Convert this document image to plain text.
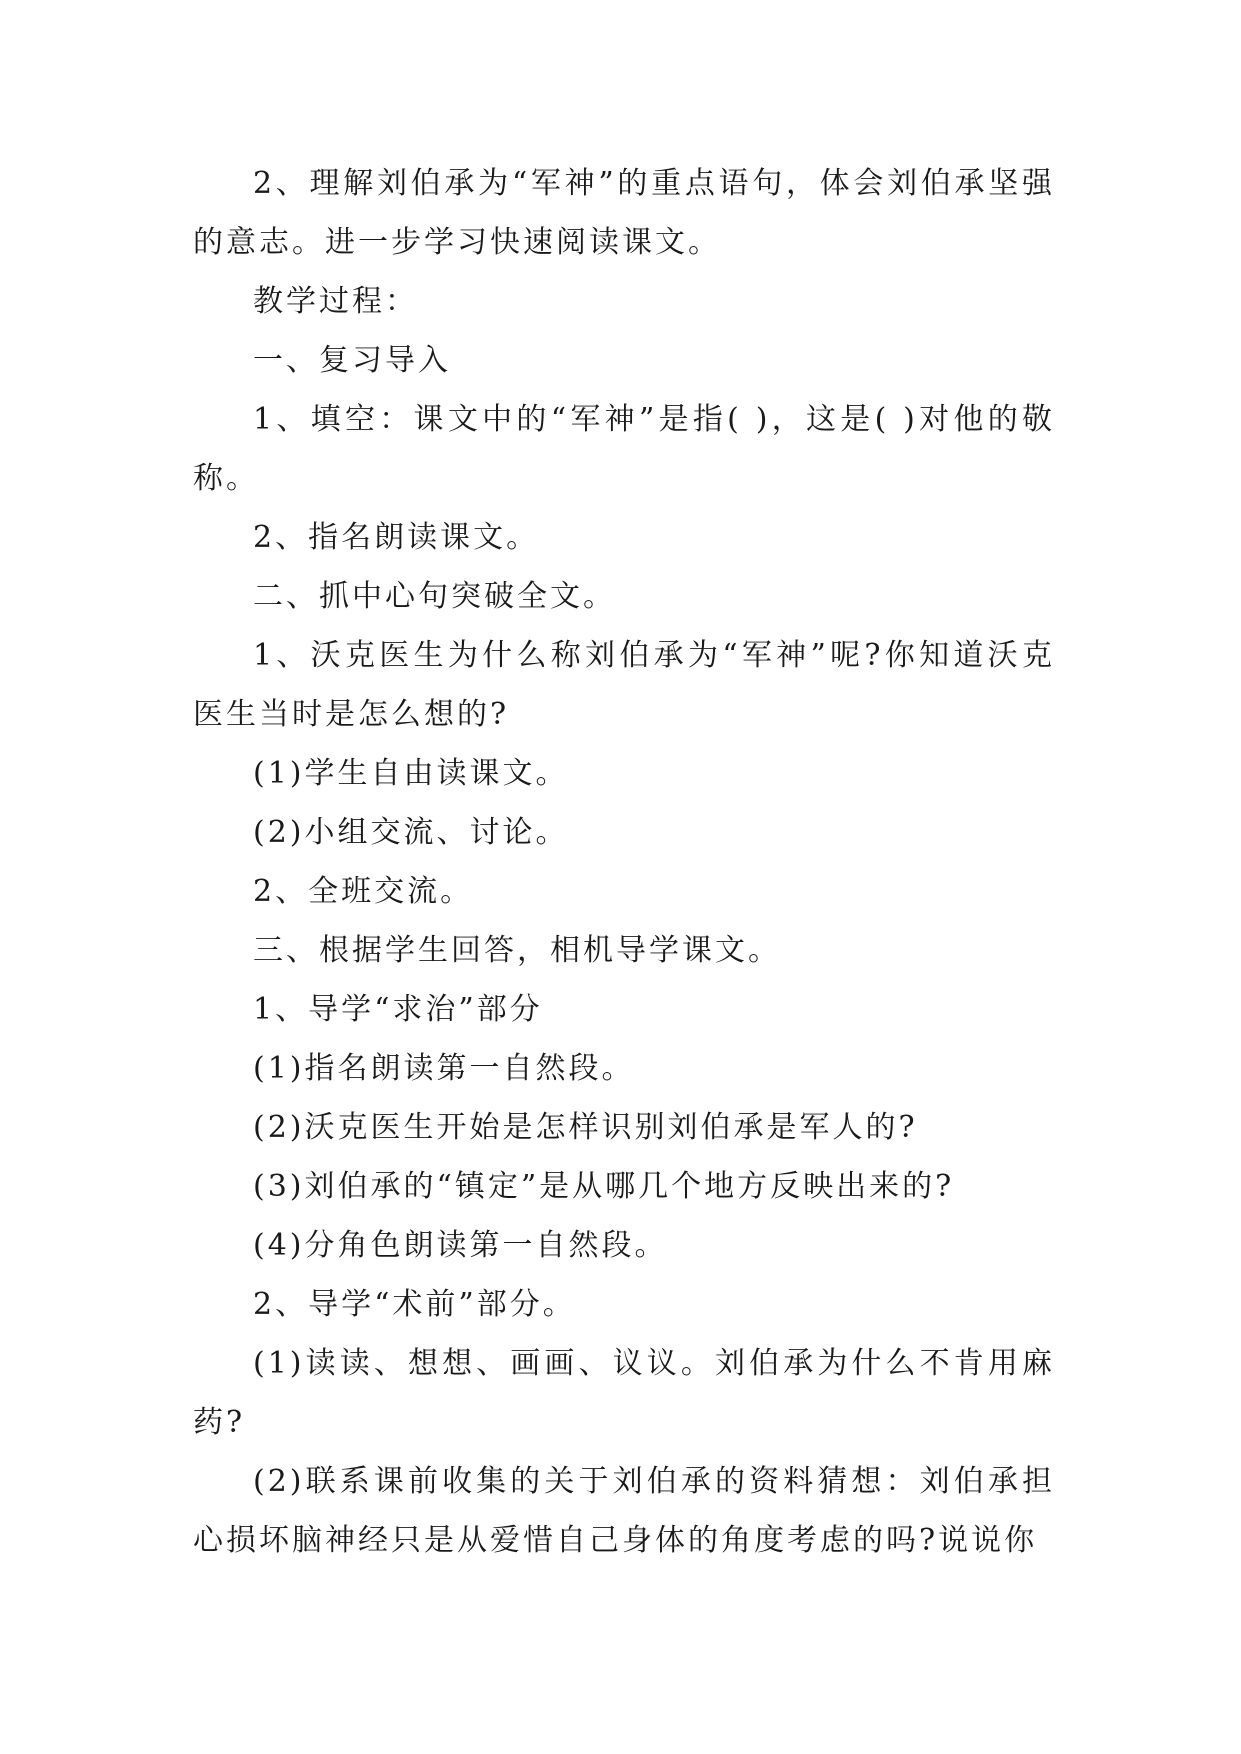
2、理解刘伯承为“军神”的重点语句，体会刘伯承坚强的意志。进一步学习快速阅读课文。

教学过程：

一、复习导入

1、填空：课文中的“军神”是指( )，这是( )对他的敬称。

2、指名朗读课文。

二、抓中心句突破全文。

1、沃克医生为什么称刘伯承为“军神”呢?你知道沃克医生当时是怎么想的?

(1)学生自由读课文。

(2)小组交流、讨论。

2、全班交流。

三、根据学生回答，相机导学课文。

1、导学“求治”部分

(1)指名朗读第一自然段。

(2)沃克医生开始是怎样识别刘伯承是军人的?

(3)刘伯承的“镇定”是从哪几个地方反映出来的?

(4)分角色朗读第一自然段。

2、导学“术前”部分。

(1)读读、想想、画画、议议。刘伯承为什么不肯用麻药?

(2)联系课前收集的关于刘伯承的资料猜想：刘伯承担心损坏脑神经只是从爱惜自己身体的角度考虑的吗?说说你
